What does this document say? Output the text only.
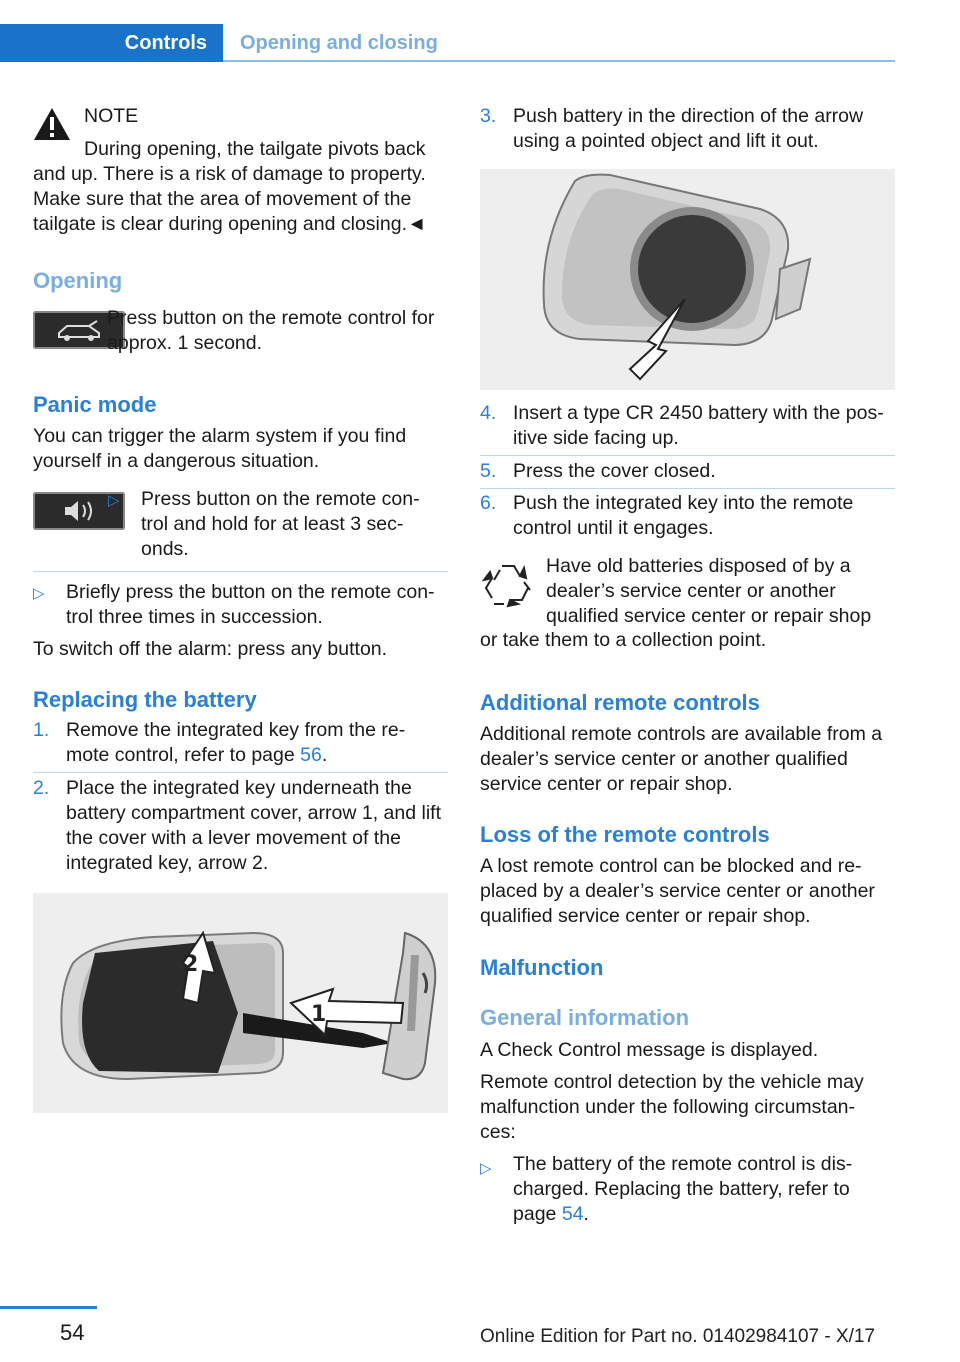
Controls	Opening and closing
NOTE
During opening, the tailgate pivots back
and up. There is a risk of damage to property. Make sure that the area of movement of the tailgate is clear during opening and closing.◄
Opening
Press button on the remote control for approx. 1 second.
Panic mode
You can trigger the alarm system if you find yourself in a dangerous situation.
▷ Press button on the remote con- trol and hold for at least 3 sec- onds.
▷ Briefly press the button on the remote con- trol three times in succession.
To switch off the alarm: press any button.
Replacing the battery
1. Remove the integrated key from the re- mote control, refer to page 56.
2. Place the integrated key underneath the battery compartment cover, arrow 1, and lift the cover with a lever movement of the integrated key, arrow 2.
2
1
3. Push battery in the direction of the arrow using a pointed object and lift it out.
4. Insert a type CR 2450 battery with the pos- itive side facing up.
5. Press the cover closed.
6. Push the integrated key into the remote control until it engages.
Have old batteries disposed of by a dealer’s service center or another qualified service center or repair shop
or take them to a collection point.
Additional remote controls
Additional remote controls are available from a dealer’s service center or another qualified service center or repair shop.
Loss of the remote controls
A lost remote control can be blocked and re- placed by a dealer’s service center or another qualified service center or repair shop.
Malfunction
General information
A Check Control message is displayed.
Remote control detection by the vehicle may malfunction under the following circumstan- ces:
▷ The battery of the remote control is dis- charged. Replacing the battery, refer to page 54.
54	Online Edition for Part no. 01402984107 - X/17
